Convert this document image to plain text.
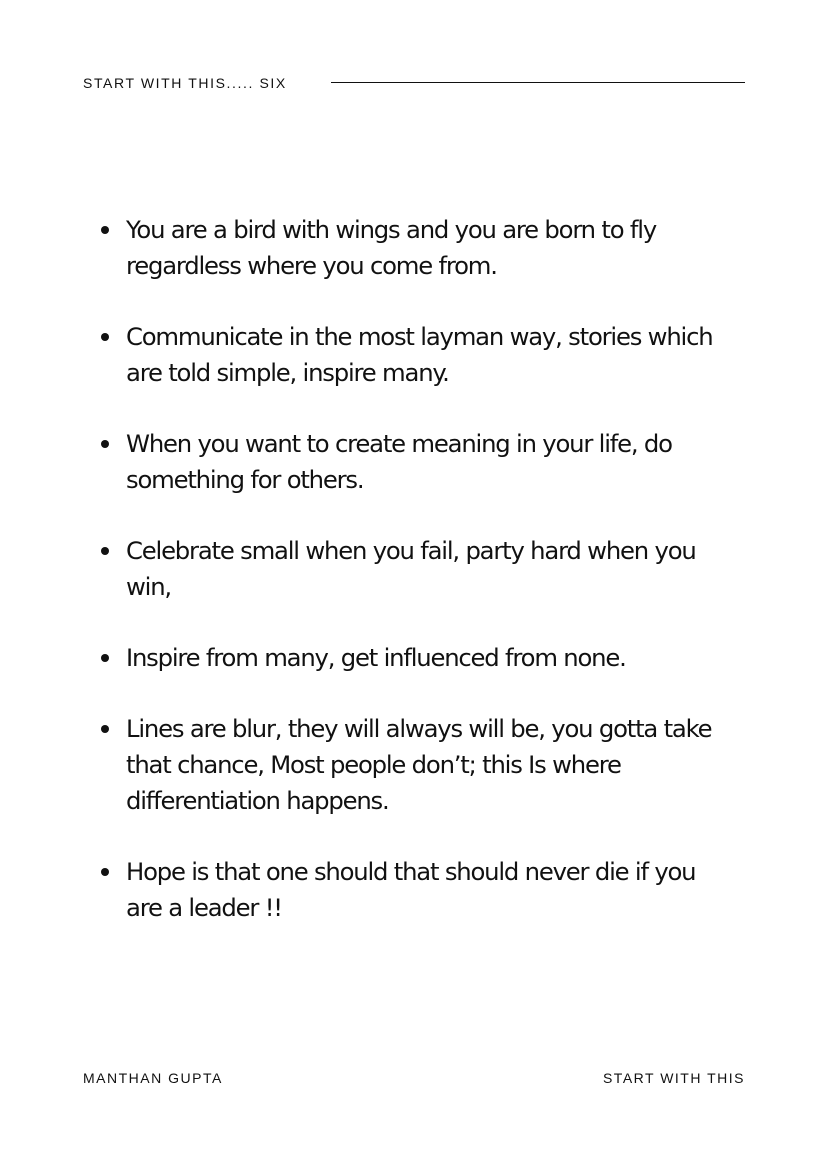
START WITH THIS..... SIX
You are a bird with wings and you are born to fly
regardless where you come from.
Communicate in the most layman way, stories which
are told simple, inspire many.
When you want to create meaning in your life, do
something for others.
Celebrate small when you fail, party hard when you
win,
Inspire from many, get influenced from none.
Lines are blur, they will always will be, you gotta take
that chance, Most people don’t; this Is where
differentiation happens.
Hope is that one should that should never die if you
are a leader !!
MANTHAN GUPTA	START WITH THIS
